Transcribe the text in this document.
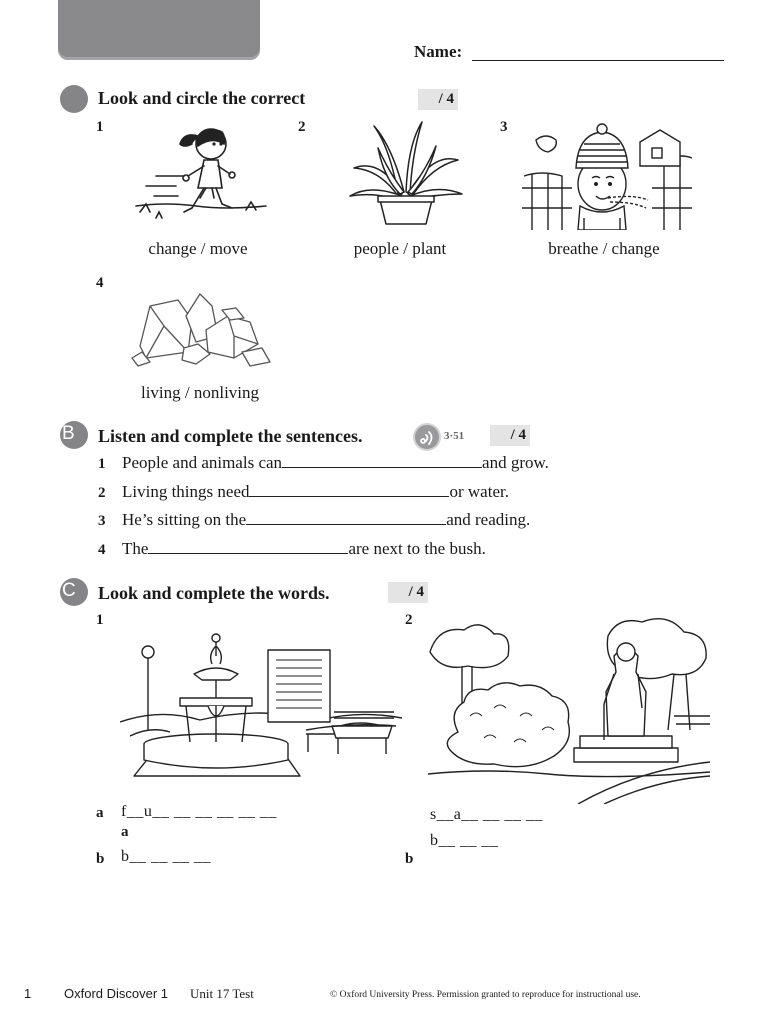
Name:
Look and circle the correct	/ 4
1	2	3
4
change / move	people / plant	breathe / change
living / nonliving
B	Listen and complete the sentences.	3·51	/ 4
1 People and animals can	and grow.
2 Living things need	or water.
3 He’s sitting on the	and reading.
4 The	are next to the bush.
C	Look and complete the words.	/ 4
1	2
a f__u__ __ __ __ __ __
a
s__a__ __ __ __
b b__ __ __ __
b__ __ __
b
1	Oxford Discover 1 Unit 17 Test	© Oxford University Press. Permission granted to reproduce for instructional use.
